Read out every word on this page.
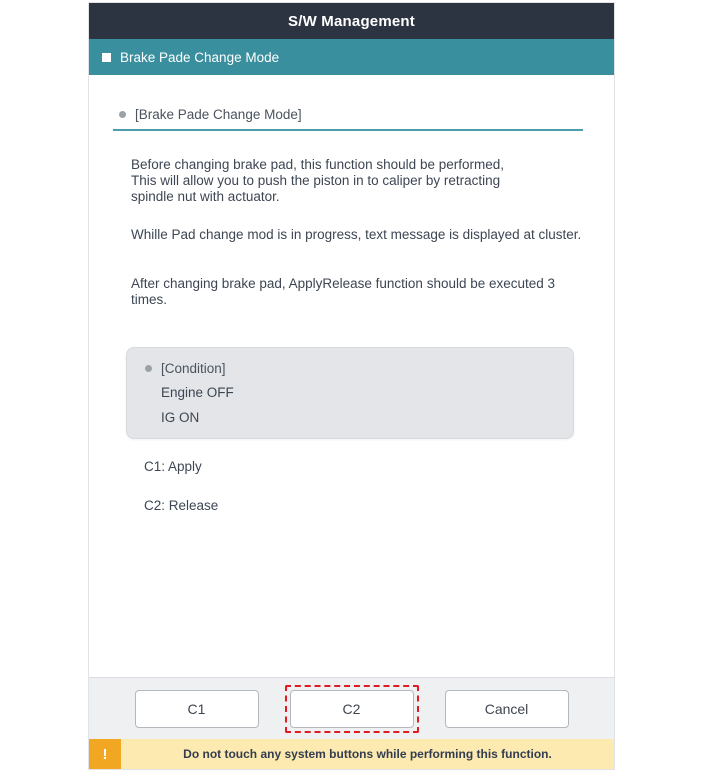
S/W Management
Brake Pade Change Mode
[Brake Pade Change Mode]
Before changing brake pad, this function should be performed,
This will allow you to push the piston in to caliper by retracting
spindle nut with actuator.
Whille Pad change mod is in progress, text message is displayed at cluster.
After changing brake pad, ApplyRelease function should be executed 3 times.
[Condition]
Engine OFF
IG ON
C1: Apply
C2: Release
C1	C2	Cancel
!	Do not touch any system buttons while performing this function.
